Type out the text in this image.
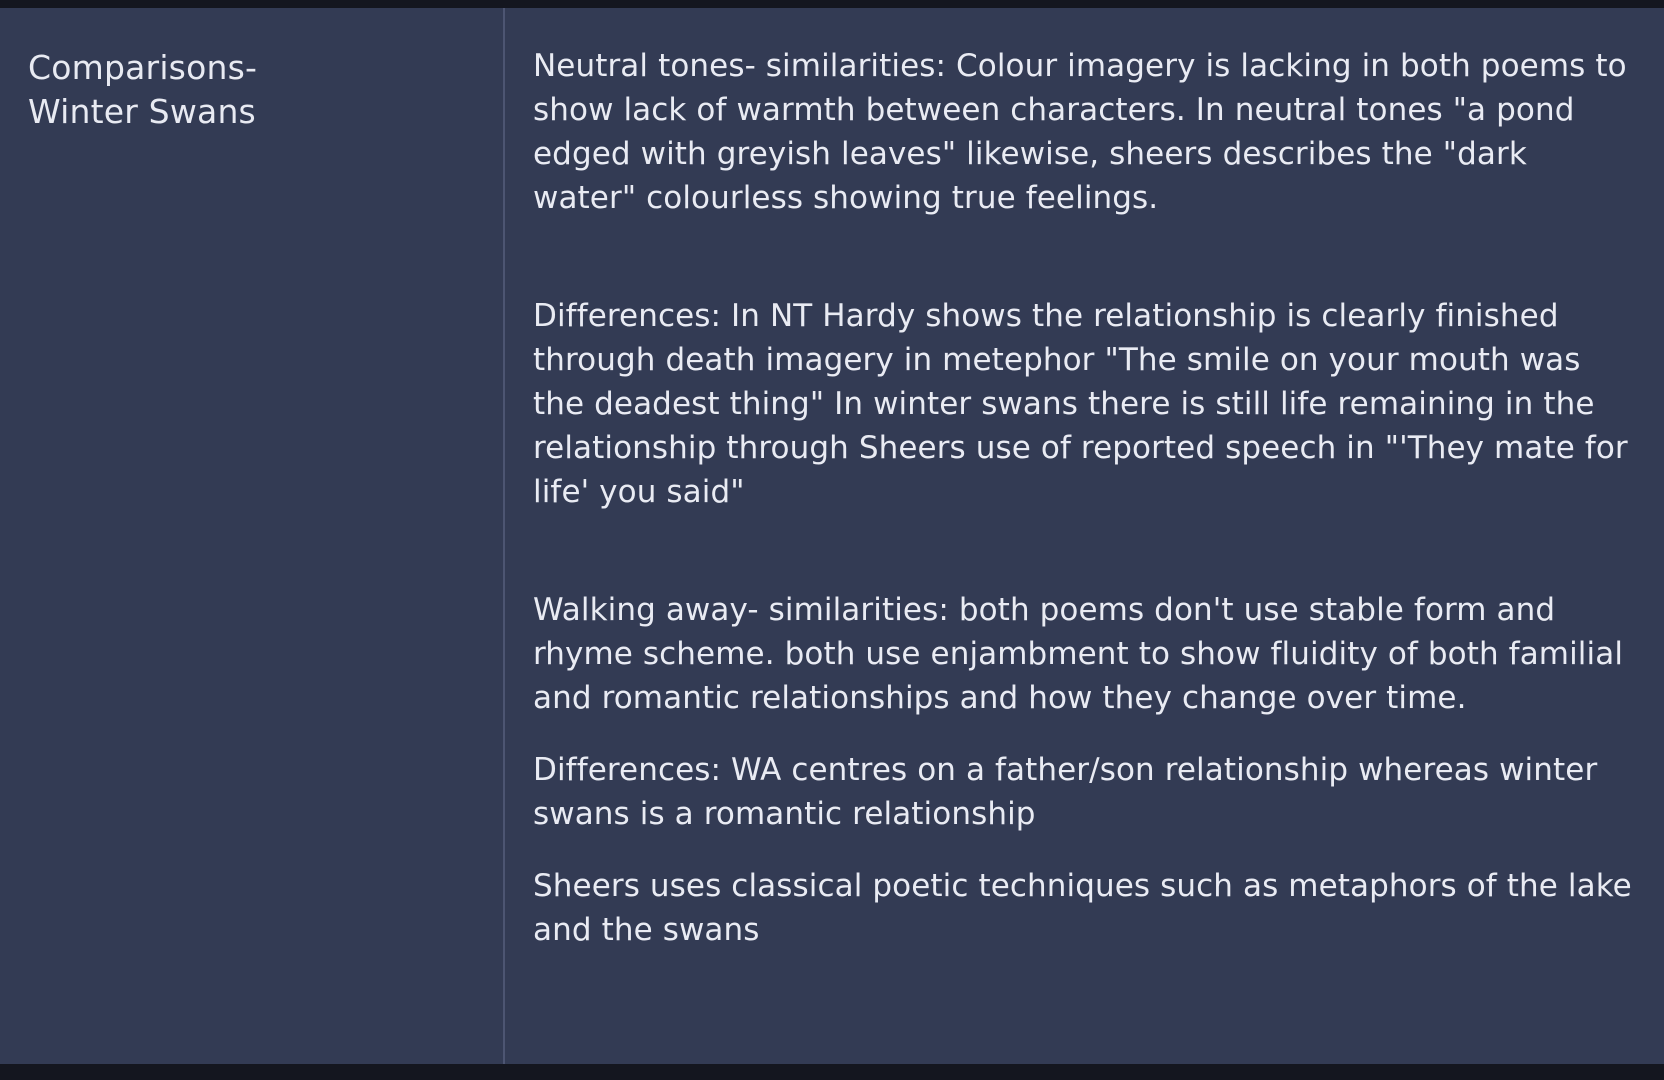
Comparisons-
Winter Swans

Neutral tones- similarities: Colour imagery is lacking in both poems to show lack of warmth between characters. In neutral tones "a pond edged with greyish leaves" likewise, sheers describes the "dark water" colourless showing true feelings.

Differences: In NT Hardy shows the relationship is clearly finished through death imagery in metephor "The smile on your mouth was the deadest thing" In winter swans there is still life remaining in the relationship through Sheers use of reported speech in "'They mate for life' you said"

Walking away- similarities: both poems don't use stable form and rhyme scheme. both use enjambment to show fluidity of both familial and romantic relationships and how they change over time.

Differences: WA centres on a father/son relationship whereas winter swans is a romantic relationship

Sheers uses classical poetic techniques such as metaphors of the lake and the swans
